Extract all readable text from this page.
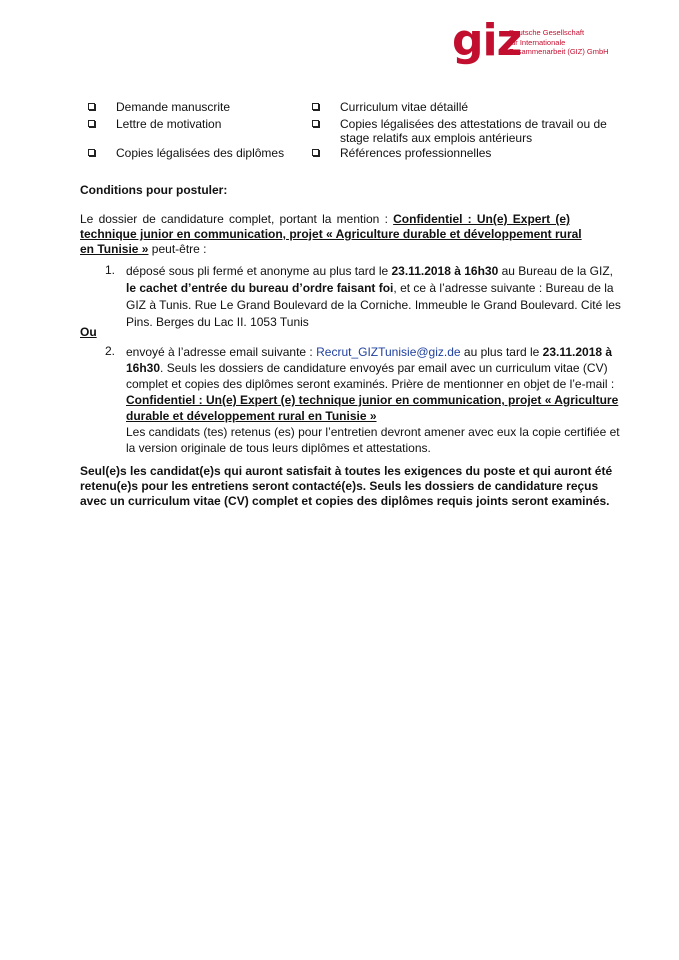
giz
Deutsche Gesellschaft
für Internationale
Zusammenarbeit (GIZ) GmbH
Demande manuscrite
Lettre de motivation
Copies légalisées des diplômes
Curriculum vitae détaillé
Copies légalisées des attestations de travail ou de
stage relatifs aux emplois antérieurs
Références professionnelles
Conditions pour postuler:
Le dossier de candidature complet, portant la mention : Confidentiel : Un(e) Expert (e)
technique junior en communication, projet « Agriculture durable et développement rural
en Tunisie » peut-être :
1. déposé sous pli fermé et anonyme au plus tard le 23.11.2018 à 16h30 au Bureau de la GIZ,
le cachet d’entrée du bureau d’ordre faisant foi, et ce à l’adresse suivante : Bureau de la
GIZ à Tunis. Rue Le Grand Boulevard de la Corniche. Immeuble le Grand Boulevard. Cité les
Pins. Berges du Lac II. 1053 Tunis
Ou
2. envoyé à l’adresse email suivante : Recrut_GIZTunisie@giz.de au plus tard le 23.11.2018 à
16h30. Seuls les dossiers de candidature envoyés par email avec un curriculum vitae (CV)
complet et copies des diplômes seront examinés. Prière de mentionner en objet de l’e-mail :
Confidentiel : Un(e) Expert (e) technique junior en communication, projet « Agriculture
durable et développement rural en Tunisie »
Les candidats (tes) retenus (es) pour l’entretien devront amener avec eux la copie certifiée et
la version originale de tous leurs diplômes et attestations.
Seul(e)s les candidat(e)s qui auront satisfait à toutes les exigences du poste et qui auront été
retenu(e)s pour les entretiens seront contacté(e)s. Seuls les dossiers de candidature reçus
avec un curriculum vitae (CV) complet et copies des diplômes requis joints seront examinés.
